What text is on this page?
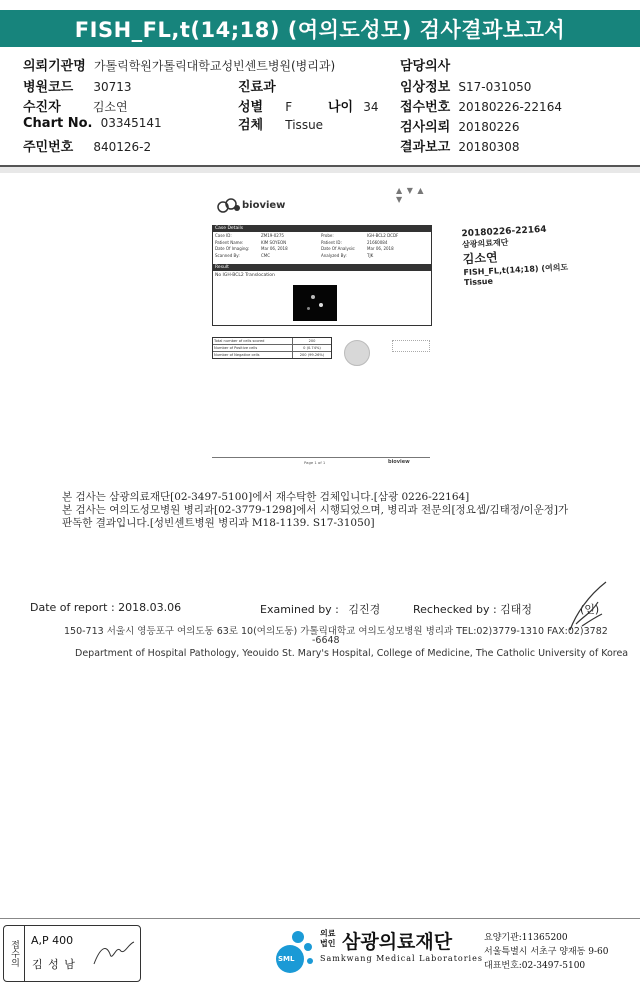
FISH_FL,t(14;18) (여의도성모) 검사결과보고서
의뢰기관명 가톨릭학원가톨릭대학교성빈센트병원(병리과)	담당의사
병원코드 30713	진료과	임상정보 S17-031050
수진자	김소연	성별 F	나이 34 접수번호 20180226-22164
Chart No. 03345141	검체 Tissue	검사의뢰 20180226
주민번호 840126-2	결과보고 20180308
bioview
▲ ▼ ▲ ▼
Case Details
Case ID:	ZM19-0275	Probe:	IGH-BCL2 DCDF
Patient Name:	KIM SOYEON	Patient ID:	21660084
Date Of Imaging:	Mar 06, 2018	Date Of Analysis:	Mar 06, 2018
Scanned By:	CMC	Analyzed By:	TJK
Result
No IGH-BCL2 Translocation
Total number of cells scored	200
Number of Positive cells	0 (0.74%)
Number of Negative cells	200 (99.26%)
Page 1 of 1	bioview
20180226-22164
삼광의료재단
김소연
FISH_FL,t(14;18) (여의도
Tissue
본 검사는 삼광의료재단[02-3497-5100]에서 재수탁한 검체입니다.[삼광 0226-22164]
본 검사는 여의도성모병원 병리과[02-3779-1298]에서 시행되었으며, 병리과 전문의[정요셉/김태정/이운정]가
판독한 결과입니다.[성빈센트병원 병리과 M18-1139. S17-31050]
Date of report : 2018.03.06	Examined by : 김진경	Rechecked by : 김태정	(인)
150-713 서울시 영등포구 여의도동 63로 10(여의도동) 가톨릭대학교 여의도성모병원 병리과 TEL:02)3779-1310 FAX:02)3782
-6648
Department of Hospital Pathology, Yeouido St. Mary's Hospital, College of Medicine, The Catholic University of Korea
접수의	A,P 400
김 성 남	SML
의료
법인 삼광의료재단
Samkwang Medical Laboratories
요양기관:11365200
서울특별시 서초구 양재동 9-60
대표번호:02-3497-5100
